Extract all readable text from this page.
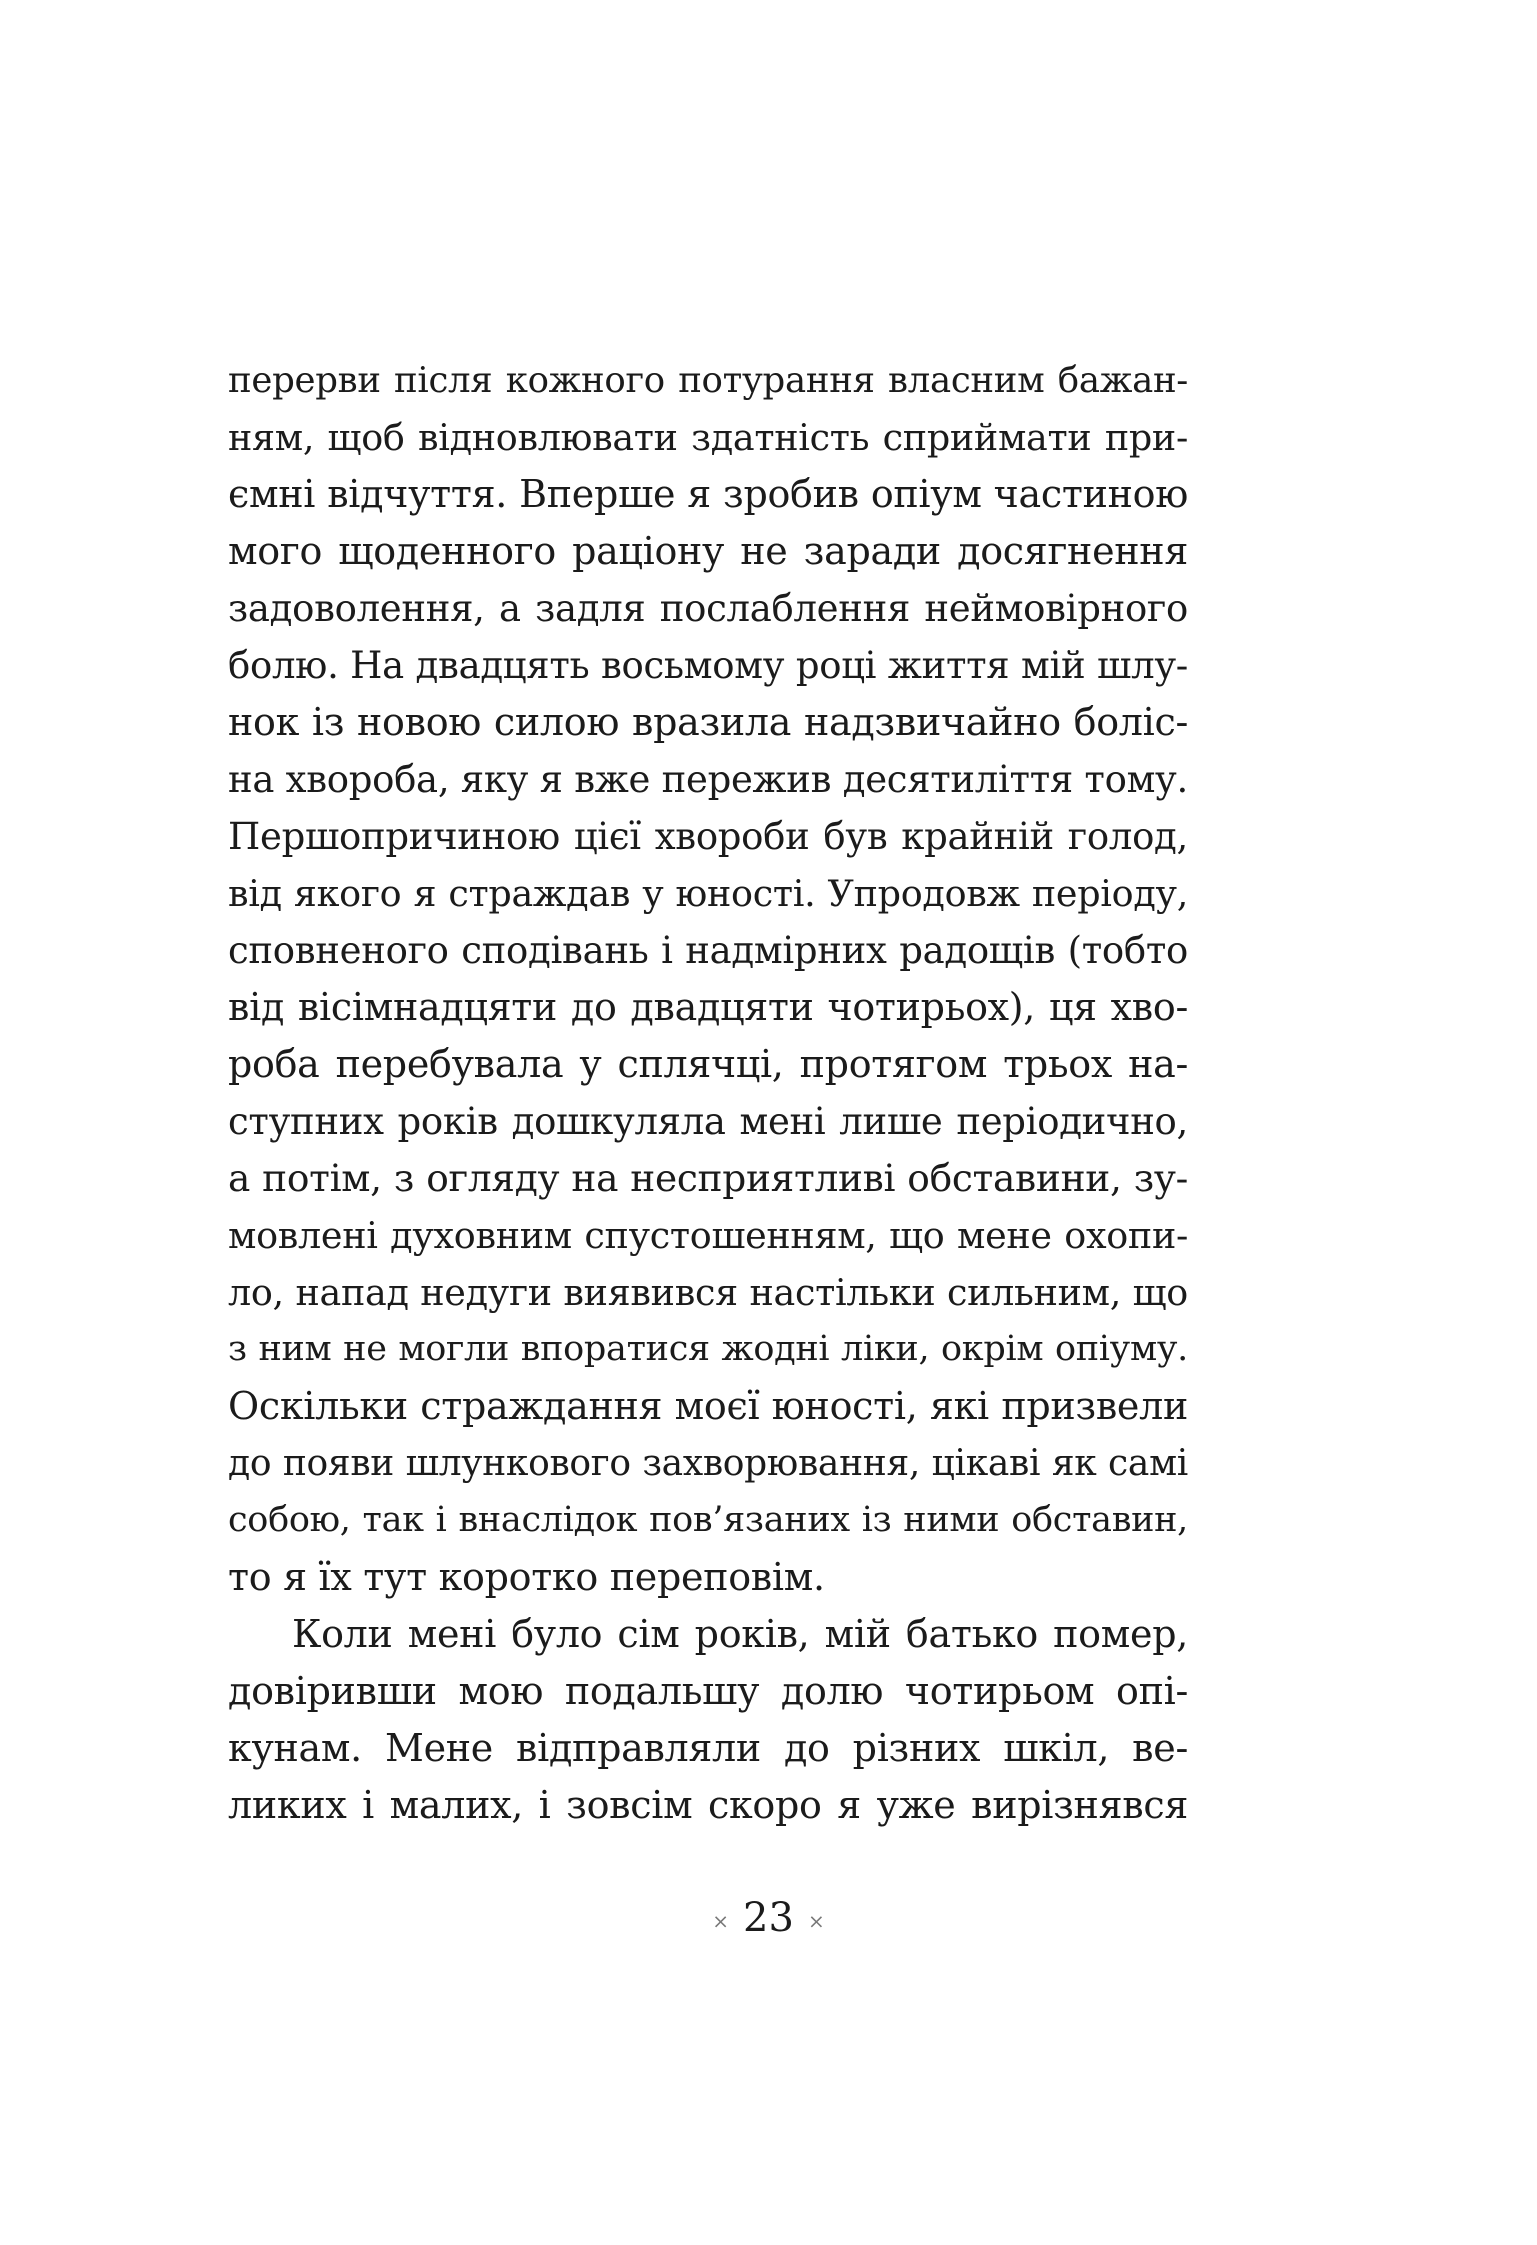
перерви після кожного потурання власним бажан-
ням, щоб відновлювати здатність сприймати при-
ємні відчуття. Вперше я зробив опіум частиною
мого щоденного раціону не заради досягнення
задоволення, а задля послаблення неймовірного
болю. На двадцять восьмому році життя мій шлу-
нок із новою силою вразила надзвичайно боліс-
на хвороба, яку я вже пережив десятиліття тому.
Першопричиною цієї хвороби був крайній голод,
від якого я страждав у юності. Упродовж періоду,
сповненого сподівань і надмірних радощів (тобто
від вісімнадцяти до двадцяти чотирьох), ця хво-
роба перебувала у сплячці, протягом трьох на-
ступних років дошкуляла мені лише періодично,
а потім, з огляду на несприятливі обставини, зу-
мовлені духовним спустошенням, що мене охопи-
ло, напад недуги виявився настільки сильним, що
з ним не могли впоратися жодні ліки, окрім опіуму.
Оскільки страждання моєї юності, які призвели
до появи шлункового захворювання, цікаві як самі
собою, так і внаслідок пов’язаних із ними обставин,
то я їх тут коротко переповім.
Коли мені було сім років, мій батько помер,
довіривши мою подальшу долю чотирьом опі-
кунам. Мене відправляли до різних шкіл, ве-
ликих і малих, і зовсім скоро я уже вирізнявся
× 23 ×
